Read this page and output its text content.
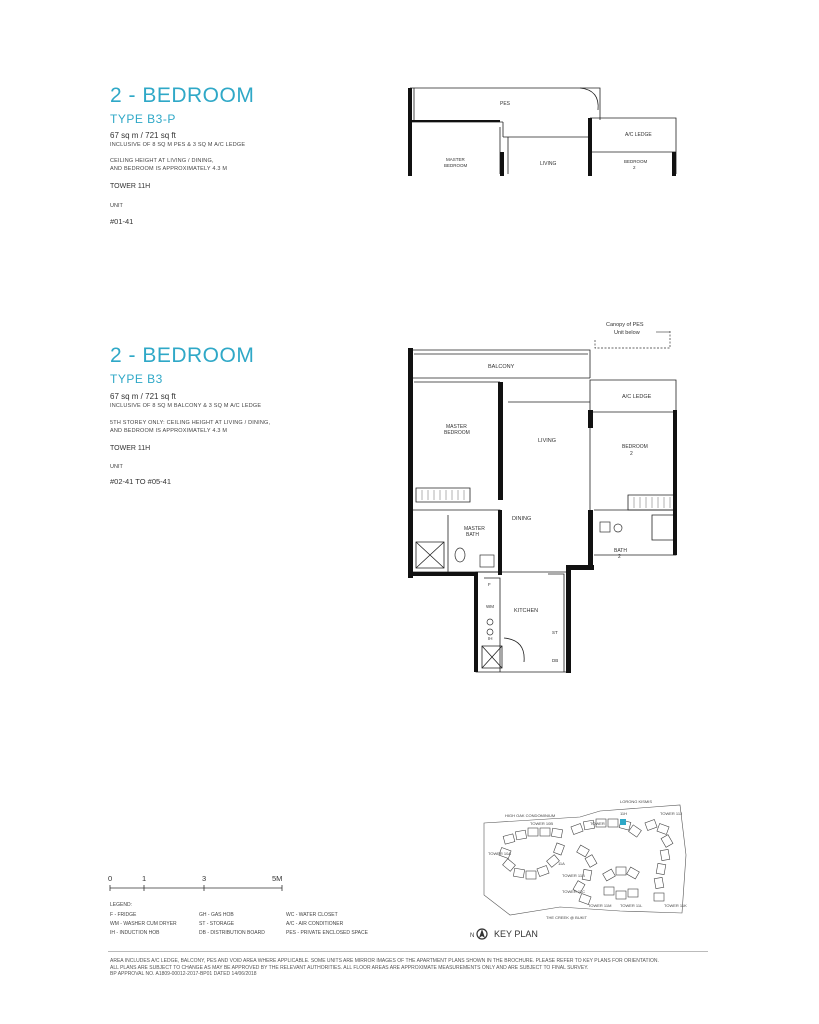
2 - BEDROOM
TYPE B3-P
67 sq m / 721 sq ft
INCLUSIVE OF 8 SQ M PES & 3 SQ M A/C LEDGE
CEILING HEIGHT AT LIVING / DINING,
AND BEDROOM IS APPROXIMATELY 4.3 M
TOWER 11H
UNIT
#01-41
PES
A/C LEDGE
MASTER
BEDROOM	LIVING	BEDROOM
2
2 - BEDROOM
TYPE B3
67 sq m / 721 sq ft
INCLUSIVE OF 8 SQ M BALCONY & 3 SQ M A/C LEDGE
5TH STOREY ONLY: CEILING HEIGHT AT LIVING / DINING,
AND BEDROOM IS APPROXIMATELY 4.3 M
TOWER 11H
UNIT
#02-41 TO #05-41
Canopy of PES
Unit below
BALCONY
A/C LEDGE
MASTER
BEDROOM
LIVING
BEDROOM
2
DINING
MASTER
BATH
BATH
2
KITCHEN
F
WM
IH
ST
DB
0	1	3	5M
LEGEND:
F - FRIDGE
WM - WASHER CUM DRYER
IH - INDUCTION HOB
GH - GAS HOB
ST - STORAGE
DB - DISTRIBUTION BOARD
WC - WATER CLOSET
A/C - AIR CONDITIONER
PES - PRIVATE ENCLOSED SPACE
LORONG KISMIS
HIGH OAK CONDOMINIUM	11H
TOWER 10B
TOWER 10A
11A
TOWER 11B
TOWER 11C
TOWER 11M TOWER 11L	TOWER 11K
TOWER
TOWER 11J
THE CREEK @ BUKIT
N KEY PLAN
AREA INCLUDES A/C LEDGE, BALCONY, PES AND VOID AREA WHERE APPLICABLE. SOME UNITS ARE MIRROR IMAGES OF THE APARTMENT PLANS SHOWN IN THE BROCHURE. PLEASE REFER TO KEY PLANS FOR ORIENTATION.
ALL PLANS ARE SUBJECT TO CHANGE AS MAY BE APPROVED BY THE RELEVANT AUTHORITIES. ALL FLOOR AREAS ARE APPROXIMATE MEASUREMENTS ONLY AND ARE SUBJECT TO FINAL SURVEY.
BP APPROVAL NO. A1809-00012-2017-BP01 DATED 14/06/2018
